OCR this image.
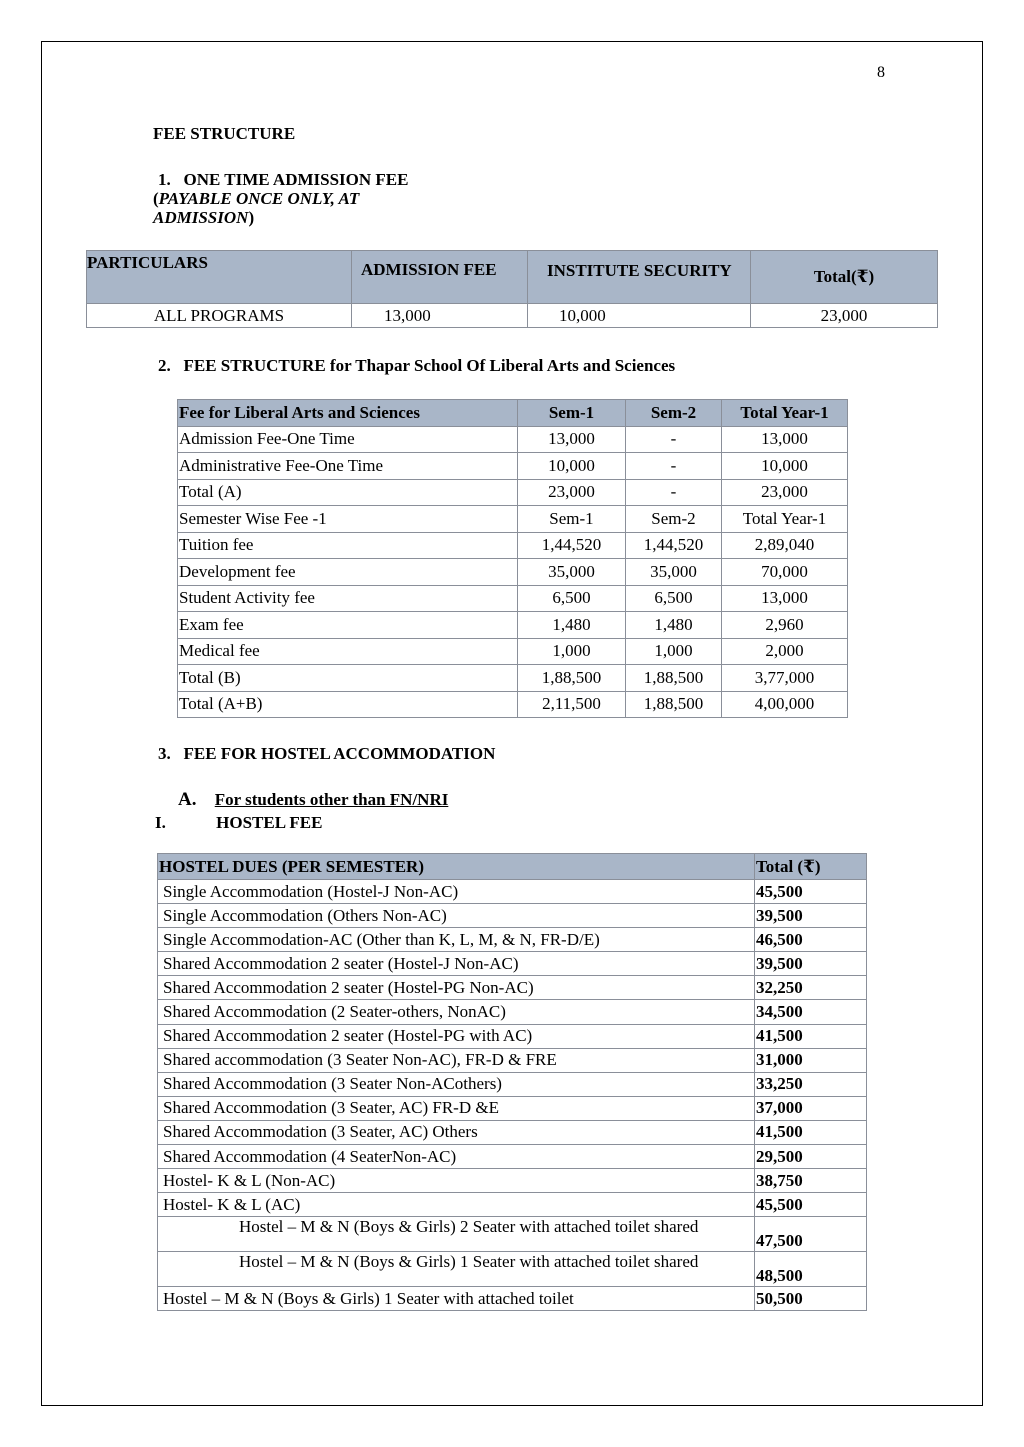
8
FEE STRUCTURE
1.   ONE TIME ADMISSION FEE
(PAYABLE ONCE ONLY, AT
ADMISSION)
PARTICULARS	ADMISSION FEE	INSTITUTE SECURITY	Total(₹)
ALL PROGRAMS	13,000	10,000	23,000
2.   FEE STRUCTURE for Thapar School Of Liberal Arts and Sciences
Fee for Liberal Arts and Sciences	Sem-1	Sem-2	Total Year-1
Admission Fee-One Time	13,000	-	13,000
Administrative Fee-One Time	10,000	-	10,000
Total (A)	23,000	-	23,000
Semester Wise Fee -1	Sem-1	Sem-2	Total Year-1
Tuition fee	1,44,520	1,44,520	2,89,040
Development fee	35,000	35,000	70,000
Student Activity fee	6,500	6,500	13,000
Exam fee	1,480	1,480	2,960
Medical fee	1,000	1,000	2,000
Total (B)	1,88,500	1,88,500	3,77,000
Total (A+B)	2,11,500	1,88,500	4,00,000
3.   FEE FOR HOSTEL ACCOMMODATION
A. For students other than FN/NRI
I.	HOSTEL FEE
HOSTEL DUES (PER SEMESTER)	Total (₹)
Single Accommodation (Hostel-J Non-AC)	45,500
Single Accommodation (Others Non-AC)	39,500
Single Accommodation-AC (Other than K, L, M, & N, FR-D/E)	46,500
Shared Accommodation 2 seater (Hostel-J Non-AC)	39,500
Shared Accommodation 2 seater (Hostel-PG Non-AC)	32,250
Shared Accommodation (2 Seater-others, NonAC)	34,500
Shared Accommodation 2 seater (Hostel-PG with AC)	41,500
Shared accommodation (3 Seater Non-AC), FR-D & FRE	31,000
Shared Accommodation (3 Seater Non-ACothers)	33,250
Shared Accommodation (3 Seater, AC) FR-D &E	37,000
Shared Accommodation (3 Seater, AC) Others	41,500
Shared Accommodation (4 SeaterNon-AC)	29,500
Hostel- K & L (Non-AC)	38,750
Hostel- K & L (AC)	45,500
Hostel – M & N (Boys & Girls) 2 Seater with attached toilet shared	47,500
Hostel – M & N (Boys & Girls) 1 Seater with attached toilet shared	48,500
Hostel – M & N (Boys & Girls) 1 Seater with attached toilet	50,500
